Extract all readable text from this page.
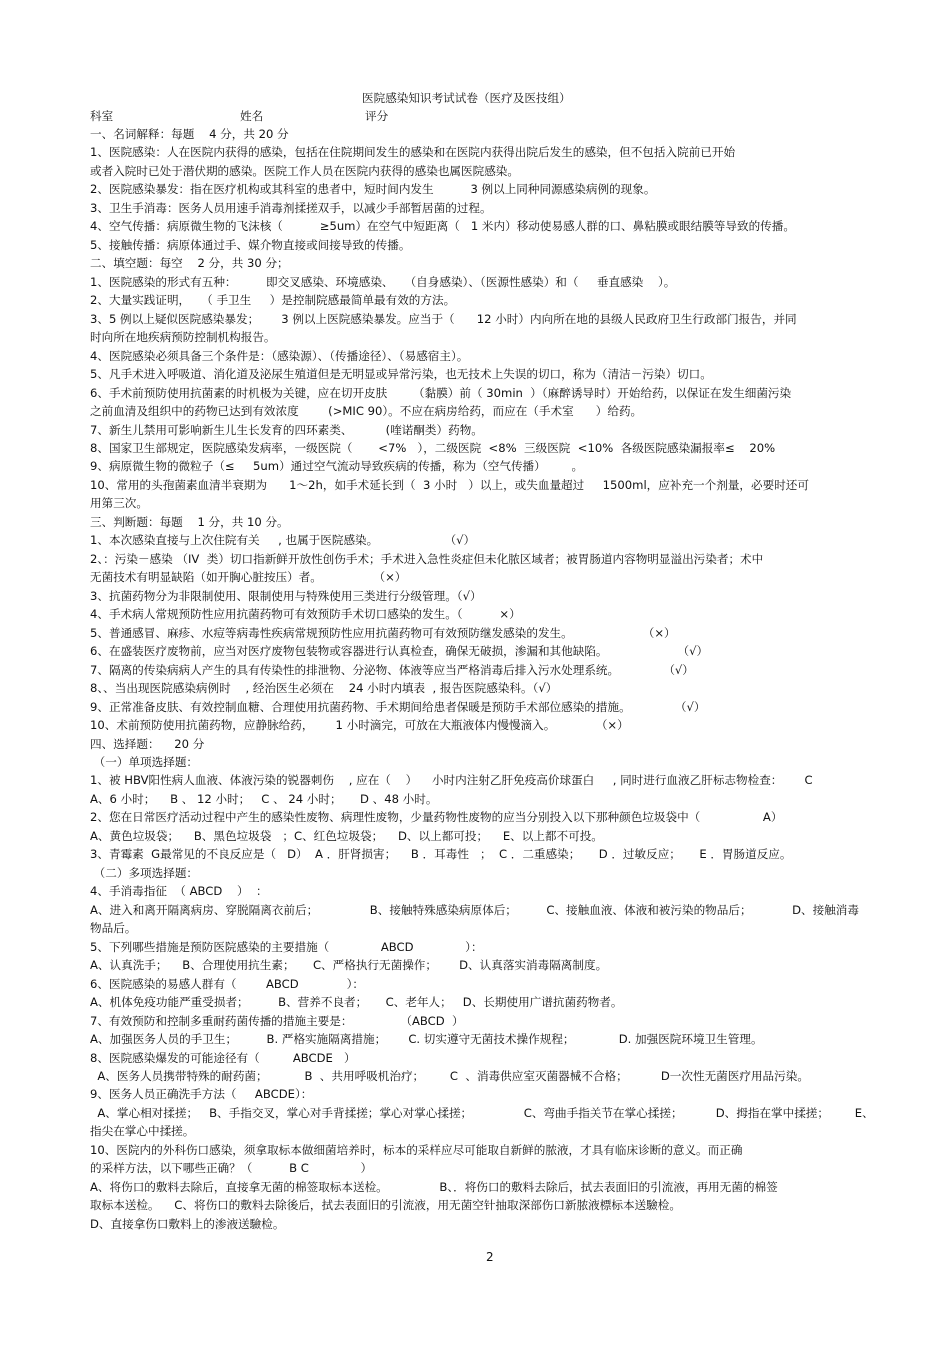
医院感染知识考试试卷（医疗及医技组）

科室

	姓名

	评分

一、名词解释：每题    4 分，共 20 分
1、医院感染：人在医院内获得的感染，包括在住院期间发生的感染和在医院内获得出院后发生的感染，但不包括入院前已开始
或者入院时已处于潜伏期的感染。医院工作人员在医院内获得的感染也属医院感染。
2、医院感染暴发：指在医疗机构或其科室的患者中，短时间内发生          3 例以上同种同源感染病例的现象。
3、卫生手消毒：医务人员用速手消毒剂揉搓双手，以减少手部暂居菌的过程。
4、空气传播：病原微生物的飞沫核（          ≥5um）在空气中短距离（   1 米内）移动使易感人群的口、鼻粘膜或眼结膜等导致的传播。
5、接触传播：病原体通过手、媒介物直接或间接导致的传播。
二、填空题：每空    2 分，共 30 分；
1、医院感染的形式有五种：        即交叉感染、环境感染、   （自身感染）、（医源性感染）和（     垂直感染    ）。
2、大量实践证明，   （ 手卫生     ）是控制院感最简单最有效的方法。
3、5 例以上疑似医院感染暴发；      3 例以上医院感染暴发。应当于（      12 小时）内向所在地的县级人民政府卫生行政部门报告，并同
时向所在地疾病预防控制机构报告。
4、医院感染必须具备三个条件是：（感染源）、（传播途径）、（易感宿主）。
5、凡手术进入呼吸道、消化道及泌尿生殖道但是无明显或异常污染，也无技术上失误的切口，称为（清洁－污染）切口。
6、手术前预防使用抗菌素的时机极为关键，应在切开皮肤       （黏膜）前（ 30min  ）（麻醉诱导时）开始给药，以保证在发生细菌污染
之前血清及组织中的药物已达到有效浓度        (>MIC 90）。不应在病房给药，而应在（手术室      ）给药。
7、新生儿禁用可影响新生儿生长发育的四环素类、         (喹诺酮类）药物。
8、国家卫生部规定，医院感染发病率，一级医院（       <7%   ），二级医院  <8%  三级医院  <10%  各级医院感染漏报率≤    20%
9、病原微生物的微粒子（≤     5um）通过空气流动导致疾病的传播，称为（空气传播）       。
10、常用的头孢菌素血清半衰期为      1～2h，如手术延长到（  3 小时   ）以上，或失血量超过     1500ml，应补充一个剂量，必要时还可
用第三次。
三、判断题：每题    1 分，共 10 分。
1、本次感染直接与上次住院有关     , 也属于医院感染。                  （√）
2、：污染－感染 （IV  类）切口指新鲜开放性创伤手术；手术进入急性炎症但未化脓区域者；被胃肠道内容物明显溢出污染者；术中
无菌技术有明显缺陷（如开胸心脏按压）者。              （×）
3、抗菌药物分为非限制使用、限制使用与特殊使用三类进行分级管理。（√）
4、手术病人常规预防性应用抗菌药物可有效预防手术切口感染的发生。（          ×）
5、普通感冒、麻疹、水痘等病毒性疾病常规预防性应用抗菌药物可有效预防继发感染的发生。                   （×）
6、在盛装医疗废物前，应当对医疗废物包装物或容器进行认真检查，确保无破损，渗漏和其他缺陷。                   （√）
7、隔离的传染病病人产生的具有传染性的排泄物、分泌物、体液等应当严格消毒后排入污水处理系统。            （√）
8、、当出现医院感染病例时    , 经治医生必须在    24 小时内填表  , 报告医院感染科。（√）
9、正常准备皮肤、有效控制血糖、合理使用抗菌药物、手术期间给患者保暖是预防手术部位感染的措施。            （√）
10、术前预防使用抗菌药物，应静脉给药，      1 小时滴完，可放在大瓶液体内慢慢滴入。           （×）
四、选择题：    20 分
（一）单项选择题：
1、被 HBV阳性病人血液、体液污染的锐器刺伤    , 应在（    ）    小时内注射乙肝免疫高价球蛋白     , 同时进行血液乙肝标志物检查：      C
A、6 小时；    B 、 12 小时；   C 、 24 小时；     D 、48 小时。
2、您在日常医疗活动过程中产生的感染性废物、病理性废物，少量药物性废物的应当分别投入以下那种颜色垃圾袋中（                 A）
A、黄色垃圾袋；    B、黑色垃圾袋   ；C、红色垃圾袋；    D、以上都可投；    E、以上都不可投。
3、青霉素  G最常见的不良反应是（   D）  A ．肝肾损害；    B ．耳毒性   ；  C ．二重感染；     D ．过敏反应；     E ．胃肠道反应。
（二）多项选择题：
4、手消毒指征  （ ABCD    ）  ：
A、进入和离开隔离病房、穿脱隔离衣前后；              B、接触特殊感染病原体后；        C、接触血液、体液和被污染的物品后；           D、接触消毒
物品后。
5、下列哪些措施是预防医院感染的主要措施（              ABCD              ）：
A、认真洗手；    B、合理使用抗生素；     C、严格执行无菌操作；      D、认真落实消毒隔离制度。
6、医院感染的易感人群有（        ABCD             ）：
A、机体免疫功能严重受损者；        B、营养不良者；     C、老年人；   D、长期使用广谱抗菌药物者。
7、有效预防和控制多重耐药菌传播的措施主要是：             （ABCD  ）
A、加强医务人员的手卫生；        B. 严格实施隔离措施；      C. 切实遵守无菌技术操作规程；            D. 加强医院环境卫生管理。
8、医院感染爆发的可能途径有（         ABCDE   ）
A、医务人员携带特殊的耐药菌；          B  、共用呼吸机治疗；       C  、消毒供应室灭菌器械不合格；         D一次性无菌医疗用品污染。
9、医务人员正确洗手方法（     ABCDE）：
A、掌心相对揉搓；   B、手指交叉，掌心对手背揉搓；掌心对掌心揉搓；              C、弯曲手指关节在掌心揉搓；         D、拇指在掌中揉搓；       E、
指尖在掌心中揉搓。
10、医院内的外科伤口感染，须拿取标本做细菌培养时，标本的采样应尽可能取自新鲜的脓液，才具有临床诊断的意义。而正确
的采样方法，以下哪些正确？（          B C              ）
A、将伤口的敷料去除后，直接拿无菌的棉签取标本送检。              B、．将伤口的敷料去除后，拭去表面旧的引流液，再用无菌的棉签
取标本送检。    C、将伤口的敷料去除後后，拭去表面旧的引流液，用无菌空针抽取深部伤口新脓液標标本送驗检。
D、直接拿伤口敷料上的渗液送驗检。
2
